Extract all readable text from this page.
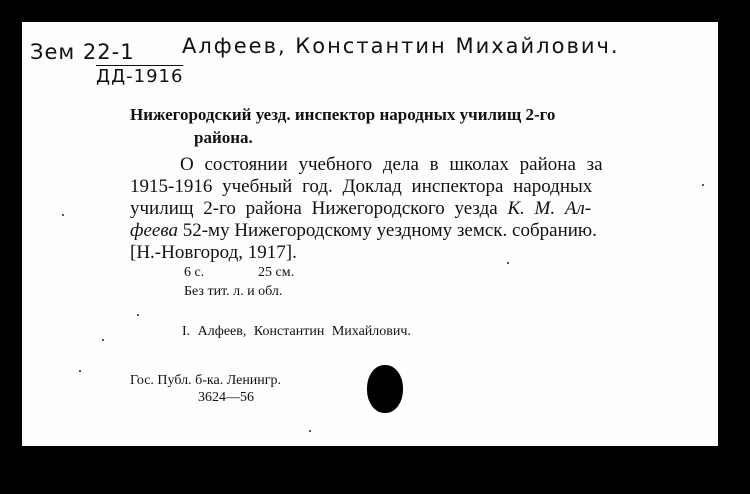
Зем 22-1
ДД-1916
Алфеев, Константин Михайлович.
Нижегородский уезд. инспектор народных училищ 2-го
района.
О состоянии учебного дела в школах района за
1915-1916 учебный год. Доклад инспектора народных
училищ 2-го района Нижегородского уезда К. М. Ал-
феева 52-му Нижегородскому уездному земск. собранию.
[Н.-Новгород, 1917].
6 с.	25 см.
Без тит. л. и обл.
I. Алфеев, Константин Михайлович.
Гос. Публ. б-ка. Ленингр.
3624—56
